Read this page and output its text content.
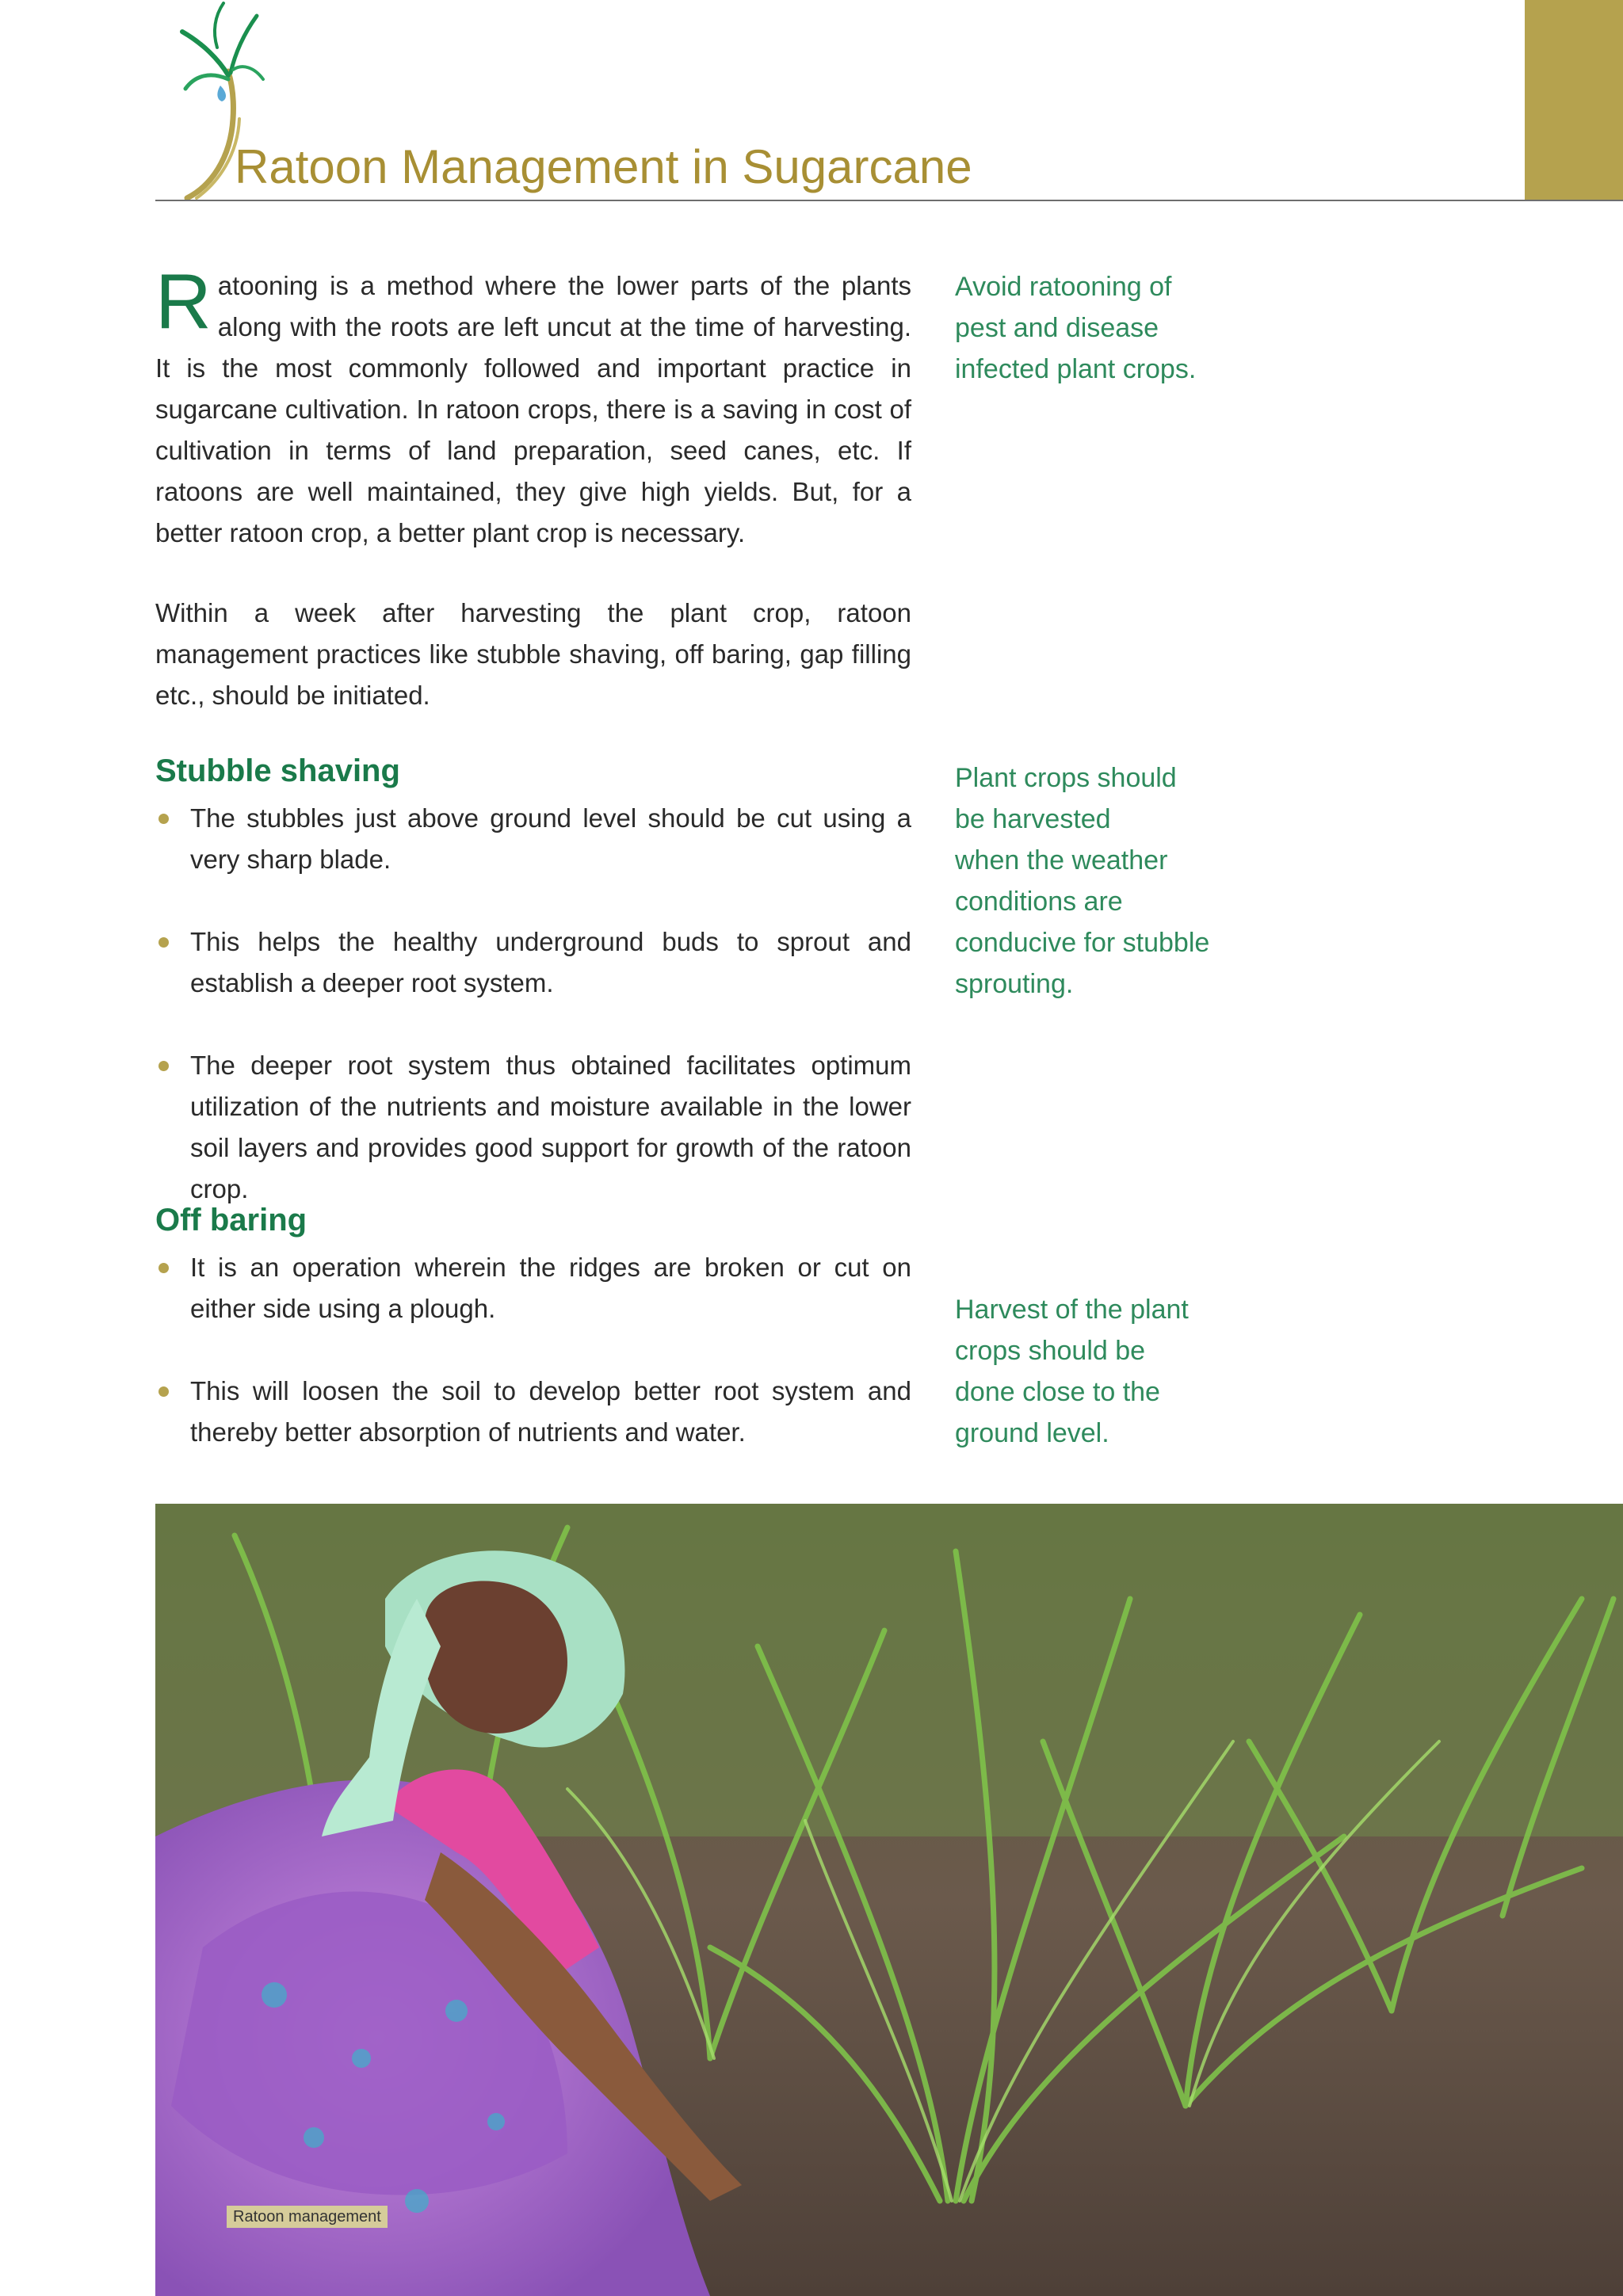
Ratoon Management in Sugarcane

Ratooning is a method where the lower parts of the plants along with the roots are left uncut at the time of harvesting. It is the most commonly followed and important practice in sugarcane cultivation. In ratoon crops, there is a saving in cost of cultivation in terms of land preparation, seed canes, etc. If ratoons are well maintained, they give high yields. But, for a better ratoon crop, a better plant crop is necessary.

Within a week after harvesting the plant crop, ratoon management practices like stubble shaving, off baring, gap filling etc., should be initiated.

Stubble shaving
The stubbles just above ground level should be cut using a very sharp blade.
This helps the healthy underground buds to sprout and establish a deeper root system.
The deeper root system thus obtained facilitates optimum utilization of the nutrients and moisture available in the lower soil layers and provides good support for growth of the ratoon crop.
Off baring
It is an operation wherein the ridges are broken or cut on either side using a plough.
This will loosen the soil to develop better root system and thereby better absorption of nutrients and water.
Avoid ratooning of
pest and disease
infected plant crops.
Plant crops should
be harvested
when the weather
conditions are
conducive for stubble
sprouting.
Harvest of the plant
crops should be
done close to the
ground level.
Ratoon management
